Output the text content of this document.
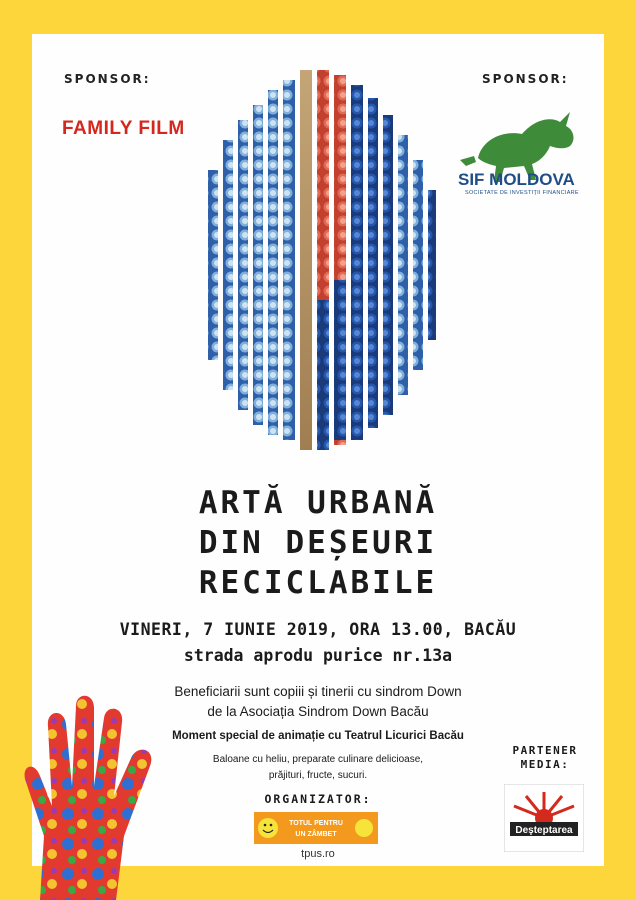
SPONSOR:	SPONSOR:
FAMILY FILM
SIF MOLDOVA
SOCIETATE DE INVESTIȚII FINANCIARE
ARTĂ URBANĂ
DIN DEȘEURI
RECICLABILE
VINERI, 7 IUNIE 2019, ORA 13.00, BACĂU
strada aprodu purice nr.13a
Beneficiarii sunt copiii și tinerii cu sindrom Down
de la Asociația Sindrom Down Bacău
Moment special de animație cu Teatrul Licurici Bacău
Baloane cu heliu, preparate culinare delicioase,
prăjituri, fructe, sucuri.
ORGANIZATOR:
TOTUL PENTRU
UN ZÂMBET
tpus.ro
PARTENER
MEDIA:
Deşteptarea
